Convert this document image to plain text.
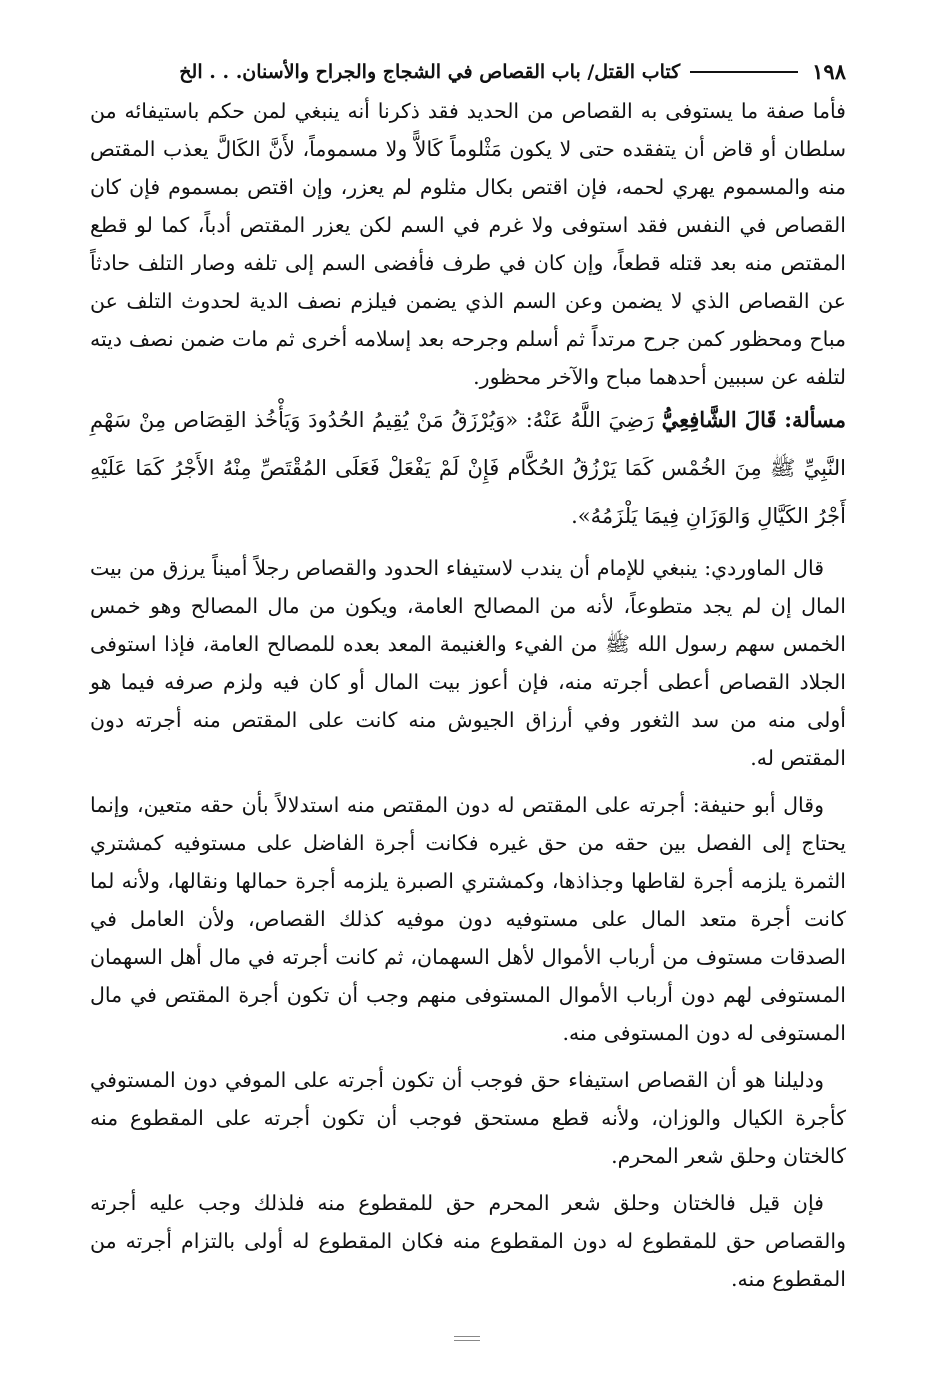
١٩٨
كتاب القتل/ باب القصاص في الشجاج والجراح والأسنان. . . الخ

فأما صفة ما يستوفى به القصاص من الحديد فقد ذكرنا أنه ينبغي لمن حكم باستيفائه من سلطان أو قاض أن يتفقده حتى لا يكون مَثْلوماً كَالاًّ ولا مسموماً، لأَنَّ الكَالَّ يعذب المقتص منه والمسموم يهري لحمه، فإن اقتص بكال مثلوم لم يعزر، وإن اقتص بمسموم فإن كان القصاص في النفس فقد استوفى ولا غرم في السم لكن يعزر المقتص أدباً، كما لو قطع المقتص منه بعد قتله قطعاً، وإن كان في طرف فأفضى السم إلى تلفه وصار التلف حادثاً عن القصاص الذي لا يضمن وعن السم الذي يضمن فيلزم نصف الدية لحدوث التلف عن مباح ومحظور كمن جرح مرتداً ثم أسلم وجرحه بعد إسلامه أخرى ثم مات ضمن نصف ديته لتلفه عن سببين أحدهما مباح والآخر محظور.

مسألة: قَالَ الشَّافِعِيُّ رَضِيَ اللَّهُ عَنْهُ: «وَيُرْزَقُ مَنْ يُقِيمُ الحُدُودَ وَيَأْخُذ القِصَاص مِنْ سَهْمِ النَّبِيِّ ﷺ مِنَ الخُمْس كَمَا يَرْزُقُ الحُكَّام فَإِنْ لَمْ يَفْعَلْ فَعَلَى المُقْتَصِّ مِنْهُ الأَجْرُ كَمَا عَلَيْهِ أَجْرُ الكَيَّالِ وَالوَزَانِ فِيمَا يَلْزَمُهُ».

قال الماوردي: ينبغي للإمام أن يندب لاستيفاء الحدود والقصاص رجلاً أميناً يرزق من بيت المال إن لم يجد متطوعاً، لأنه من المصالح العامة، ويكون من مال المصالح وهو خمس الخمس سهم رسول الله ﷺ من الفيء والغنيمة المعد بعده للمصالح العامة، فإذا استوفى الجلاد القصاص أعطى أجرته منه، فإن أعوز بيت المال أو كان فيه ولزم صرفه فيما هو أولى منه من سد الثغور وفي أرزاق الجيوش منه كانت على المقتص منه أجرته دون المقتص له.

وقال أبو حنيفة: أجرته على المقتص له دون المقتص منه استدلالاً بأن حقه متعين، وإنما يحتاج إلى الفصل بين حقه من حق غيره فكانت أجرة الفاضل على مستوفيه كمشتري الثمرة يلزمه أجرة لقاطها وجذاذها، وكمشتري الصبرة يلزمه أجرة حمالها ونقالها، ولأنه لما كانت أجرة متعد المال على مستوفيه دون موفيه كذلك القصاص، ولأن العامل في الصدقات مستوف من أرباب الأموال لأهل السهمان، ثم كانت أجرته في مال أهل السهمان المستوفى لهم دون أرباب الأموال المستوفى منهم وجب أن تكون أجرة المقتص في مال المستوفى له دون المستوفى منه.

ودليلنا هو أن القصاص استيفاء حق فوجب أن تكون أجرته على الموفي دون المستوفي كأجرة الكيال والوزان، ولأنه قطع مستحق فوجب أن تكون أجرته على المقطوع منه كالختان وحلق شعر المحرم.

فإن قيل فالختان وحلق شعر المحرم حق للمقطوع منه فلذلك وجب عليه أجرته والقصاص حق للمقطوع له دون المقطوع منه فكان المقطوع له أولى بالتزام أجرته من المقطوع منه.
